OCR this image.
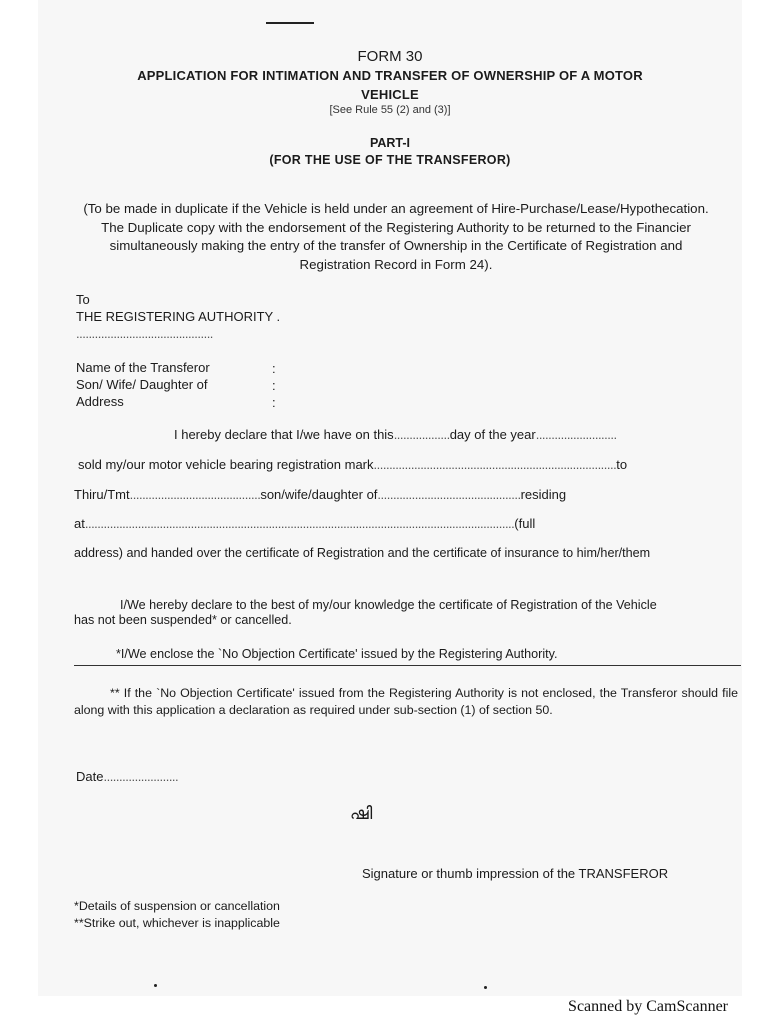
FORM 30
APPLICATION FOR INTIMATION AND TRANSFER OF OWNERSHIP OF A MOTOR
VEHICLE
[See Rule 55 (2) and (3)]
PART-I
(FOR THE USE OF THE TRANSFEROR)
(To be made in duplicate if the Vehicle is held under an agreement of Hire-Purchase/Lease/Hypothecation. The Duplicate copy with the endorsement of the Registering Authority to be returned to the Financier simultaneously making the entry of the transfer of Ownership in the Certificate of Registration and Registration Record in Form 24).
To
THE REGISTERING AUTHORITY .
............................................
Name of the Transferor	:
Son/ Wife/ Daughter of	:
Address	:
I hereby declare that I/we have on this..................day of the year..........................
sold my/our motor vehicle bearing registration mark..............................................................................to
Thiru/Tmt..........................................son/wife/daughter of..............................................residing
at..........................................................................................................................................(full
address) and handed over the certificate of Registration and the certificate of insurance to him/her/them
I/We hereby declare to the best of my/our knowledge the certificate of Registration of the Vehicle
has not been suspended* or cancelled.
*I/We enclose the `No Objection Certificate' issued by the Registering Authority.
** If the `No Objection Certificate' issued from the Registering Authority is not enclosed, the Transferor should file along with this application a declaration as required under sub-section (1) of section 50.
Date........................
ഷി
Signature or thumb impression of the TRANSFEROR
*Details of suspension or cancellation
**Strike out, whichever is inapplicable
Scanned by CamScanner
